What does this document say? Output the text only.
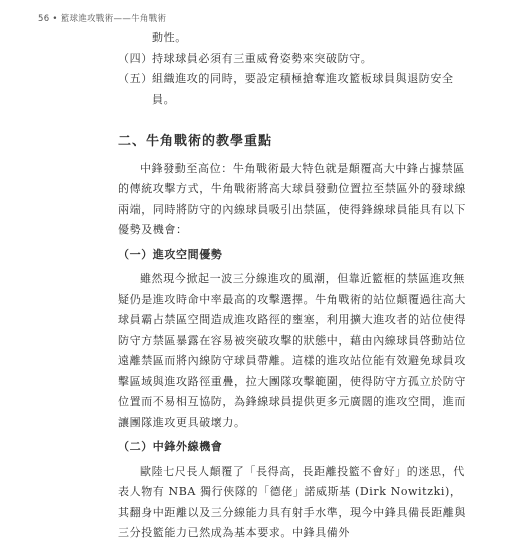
56 • 籃球進攻戰術——牛角戰術

動性。

（四） 持球球員必須有三重威脅姿勢來突破防守。
（五） 組織進攻的同時，要設定積極搶奪進攻籃板球員與退防安全員。
二、牛角戰術的教學重點

中鋒發動至高位：牛角戰術最大特色就是顛覆高大中鋒占據禁區的傳統攻擊方式，牛角戰術將高大球員發動位置拉至禁區外的發球線兩端，同時將防守的內線球員吸引出禁區，使得鋒線球員能具有以下優勢及機會：

（一）進攻空間優勢

雖然現今掀起一波三分線進攻的風潮，但靠近籃框的禁區進攻無疑仍是進攻時命中率最高的攻擊選擇。牛角戰術的站位顛覆過往高大球員霸占禁區空間造成進攻路徑的壅塞，利用擴大進攻者的站位使得防守方禁區暴露在容易被突破攻擊的狀態中，藉由內線球員啓動站位遠離禁區而將內線防守球員帶離。這樣的進攻站位能有效避免球員攻擊區域與進攻路徑重疊，拉大團隊攻擊範圍，使得防守方孤立於防守位置而不易相互協防，為鋒線球員提供更多元廣闊的進攻空間，進而讓團隊進攻更具破壞力。

（二）中鋒外線機會

歐陸七尺長人顛覆了「長得高，長距離投籃不會好」的迷思，代表人物有 NBA 獨行俠隊的「德佬」諾威斯基 (Dirk Nowitzki)，其翻身中距離以及三分線能力具有射手水準，現今中鋒具備長距離與三分投籃能力已然成為基本要求。中鋒具備外
